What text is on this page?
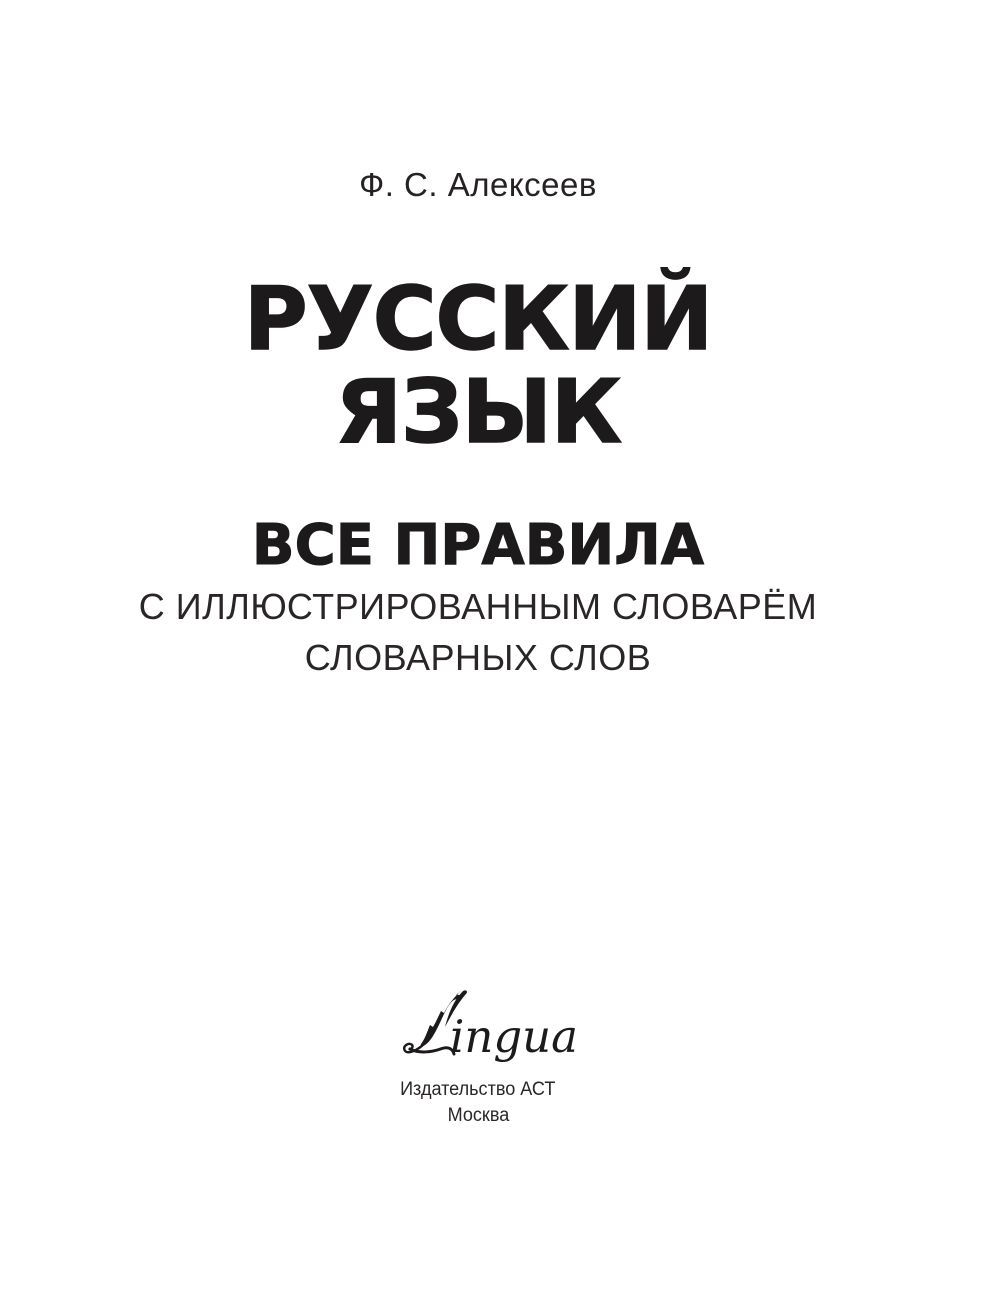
Ф. С. Алексеев
РУССКИЙ
ЯЗЫК
ВСЕ ПРАВИЛА
С ИЛЛЮСТРИРОВАННЫМ СЛОВАРЁМ
СЛОВАРНЫХ СЛОВ
ingua
Издательство АСТ
Москва
